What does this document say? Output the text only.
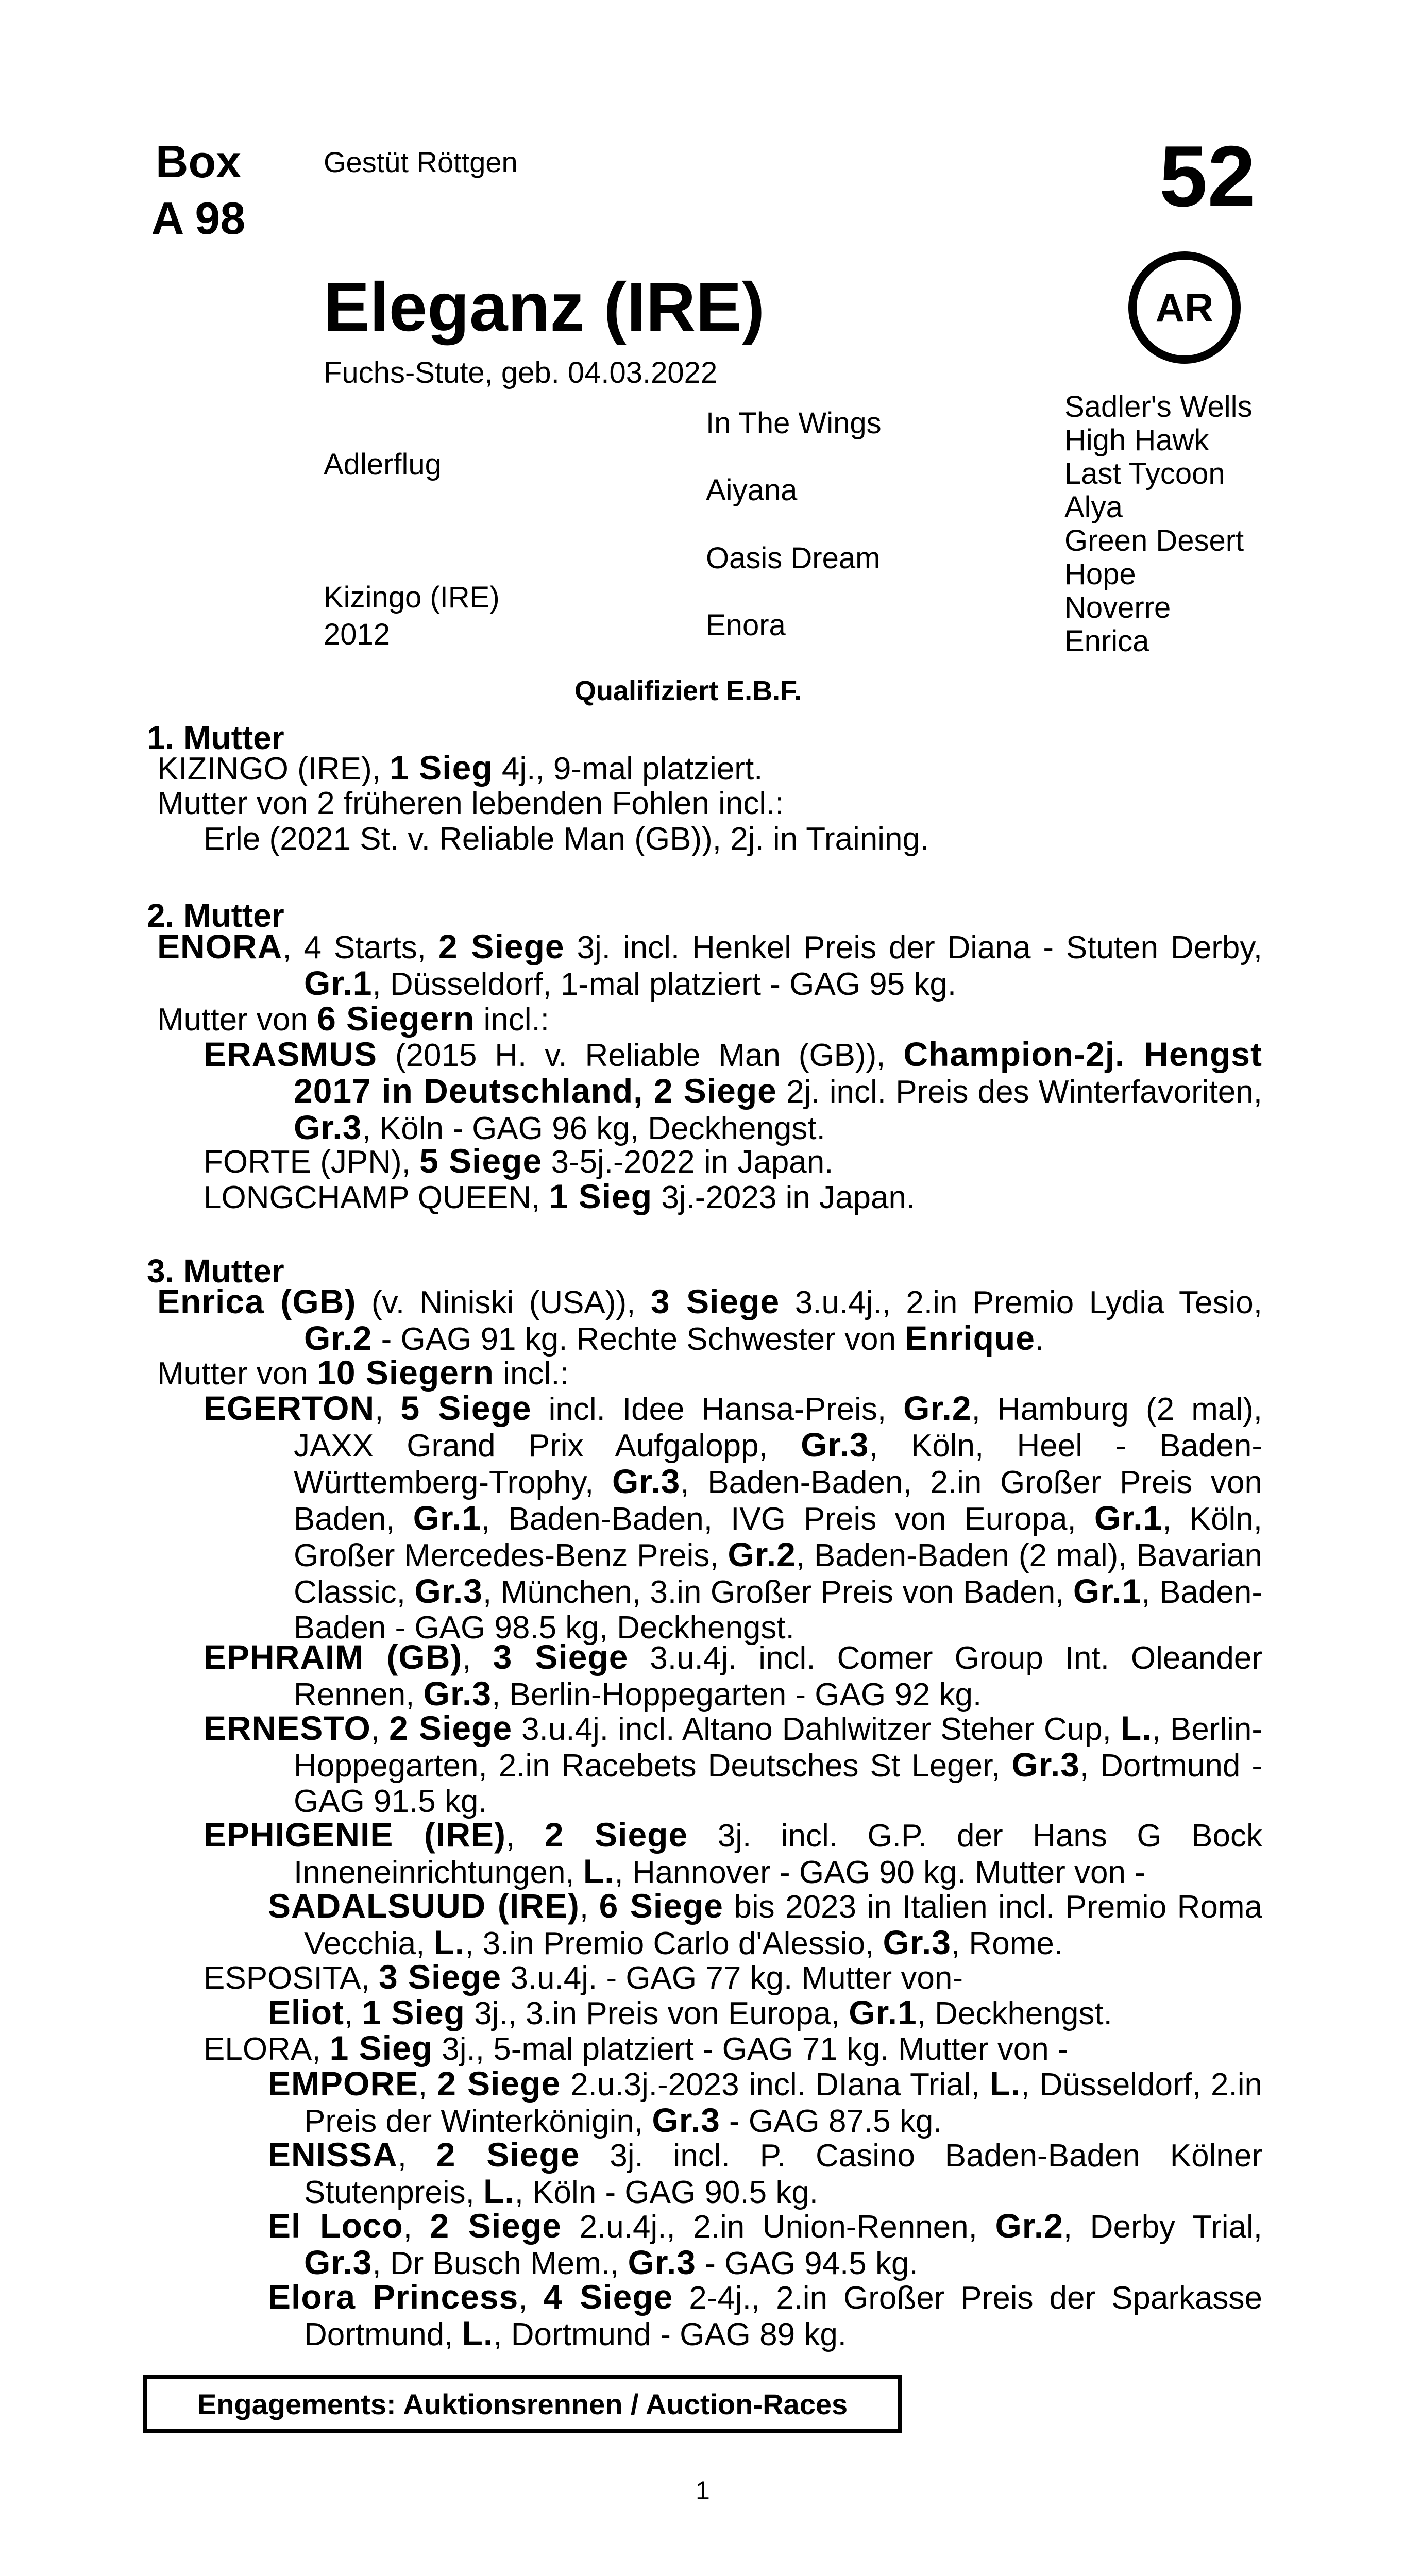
Box
A 98
Gestüt Röttgen	52
Eleganz (IRE)
Fuchs-Stute, geb. 04.03.2022
AR
Adlerflug
Kizingo (IRE)
2012
In The Wings
Aiyana
Oasis Dream
Enora
Sadler's Wells
High Hawk
Last Tycoon
Alya
Green Desert
Hope
Noverre
Enrica
Qualifiziert E.B.F.
1. Mutter
KIZINGO (IRE), 1 Sieg 4j., 9-mal platziert.
Mutter von 2 früheren lebenden Fohlen incl.:
Erle (2021 St. v. Reliable Man (GB)), 2j. in Training.
2. Mutter
ENORA, 4 Starts, 2 Siege 3j. incl. Henkel Preis der Diana - Stuten Derby, Gr.1, Düsseldorf, 1-mal platziert - GAG 95 kg.
Mutter von 6 Siegern incl.:
ERASMUS (2015 H. v. Reliable Man (GB)), Champion-2j. Hengst 2017 in Deutschland, 2 Siege 2j. incl. Preis des Winterfavoriten, Gr.3, Köln - GAG 96 kg, Deckhengst.
FORTE (JPN), 5 Siege 3-5j.-2022 in Japan.
LONGCHAMP QUEEN, 1 Sieg 3j.-2023 in Japan.
3. Mutter
Enrica (GB) (v. Niniski (USA)), 3 Siege 3.u.4j., 2.in Premio Lydia Tesio, Gr.2 - GAG 91 kg. Rechte Schwester von Enrique.
Mutter von 10 Siegern incl.:
EGERTON, 5 Siege incl. Idee Hansa-Preis, Gr.2, Hamburg (2 mal), JAXX Grand Prix Aufgalopp, Gr.3, Köln, Heel - Baden-Württemberg-Trophy, Gr.3, Baden-Baden, 2.in Großer Preis von Baden, Gr.1, Baden-Baden, IVG Preis von Europa, Gr.1, Köln, Großer Mercedes-Benz Preis, Gr.2, Baden-Baden (2 mal), Bavarian Classic, Gr.3, München, 3.in Großer Preis von Baden, Gr.1, Baden-Baden - GAG 98.5 kg, Deckhengst.
EPHRAIM (GB), 3 Siege 3.u.4j. incl. Comer Group Int. Oleander Rennen, Gr.3, Berlin-Hoppegarten - GAG 92 kg.
ERNESTO, 2 Siege 3.u.4j. incl. Altano Dahlwitzer Steher Cup, L., Berlin-Hoppegarten, 2.in Racebets Deutsches St Leger, Gr.3, Dortmund - GAG 91.5 kg.
EPHIGENIE (IRE), 2 Siege 3j. incl. G.P. der Hans G Bock Inneneinrichtungen, L., Hannover - GAG 90 kg. Mutter von -
SADALSUUD (IRE), 6 Siege bis 2023 in Italien incl. Premio Roma Vecchia, L., 3.in Premio Carlo d'Alessio, Gr.3, Rome.
ESPOSITA, 3 Siege 3.u.4j. - GAG 77 kg. Mutter von-
Eliot, 1 Sieg 3j., 3.in Preis von Europa, Gr.1, Deckhengst.
ELORA, 1 Sieg 3j., 5-mal platziert - GAG 71 kg. Mutter von -
EMPORE, 2 Siege 2.u.3j.-2023 incl. DIana Trial, L., Düsseldorf, 2.in Preis der Winterkönigin, Gr.3 - GAG 87.5 kg.
ENISSA, 2 Siege 3j. incl. P. Casino Baden-Baden Kölner Stutenpreis, L., Köln - GAG 90.5 kg.
El Loco, 2 Siege 2.u.4j., 2.in Union-Rennen, Gr.2, Derby Trial, Gr.3, Dr Busch Mem., Gr.3 - GAG 94.5 kg.
Elora Princess, 4 Siege 2-4j., 2.in Großer Preis der Sparkasse Dortmund, L., Dortmund - GAG 89 kg.
Engagements: Auktionsrennen / Auction-Races
1
